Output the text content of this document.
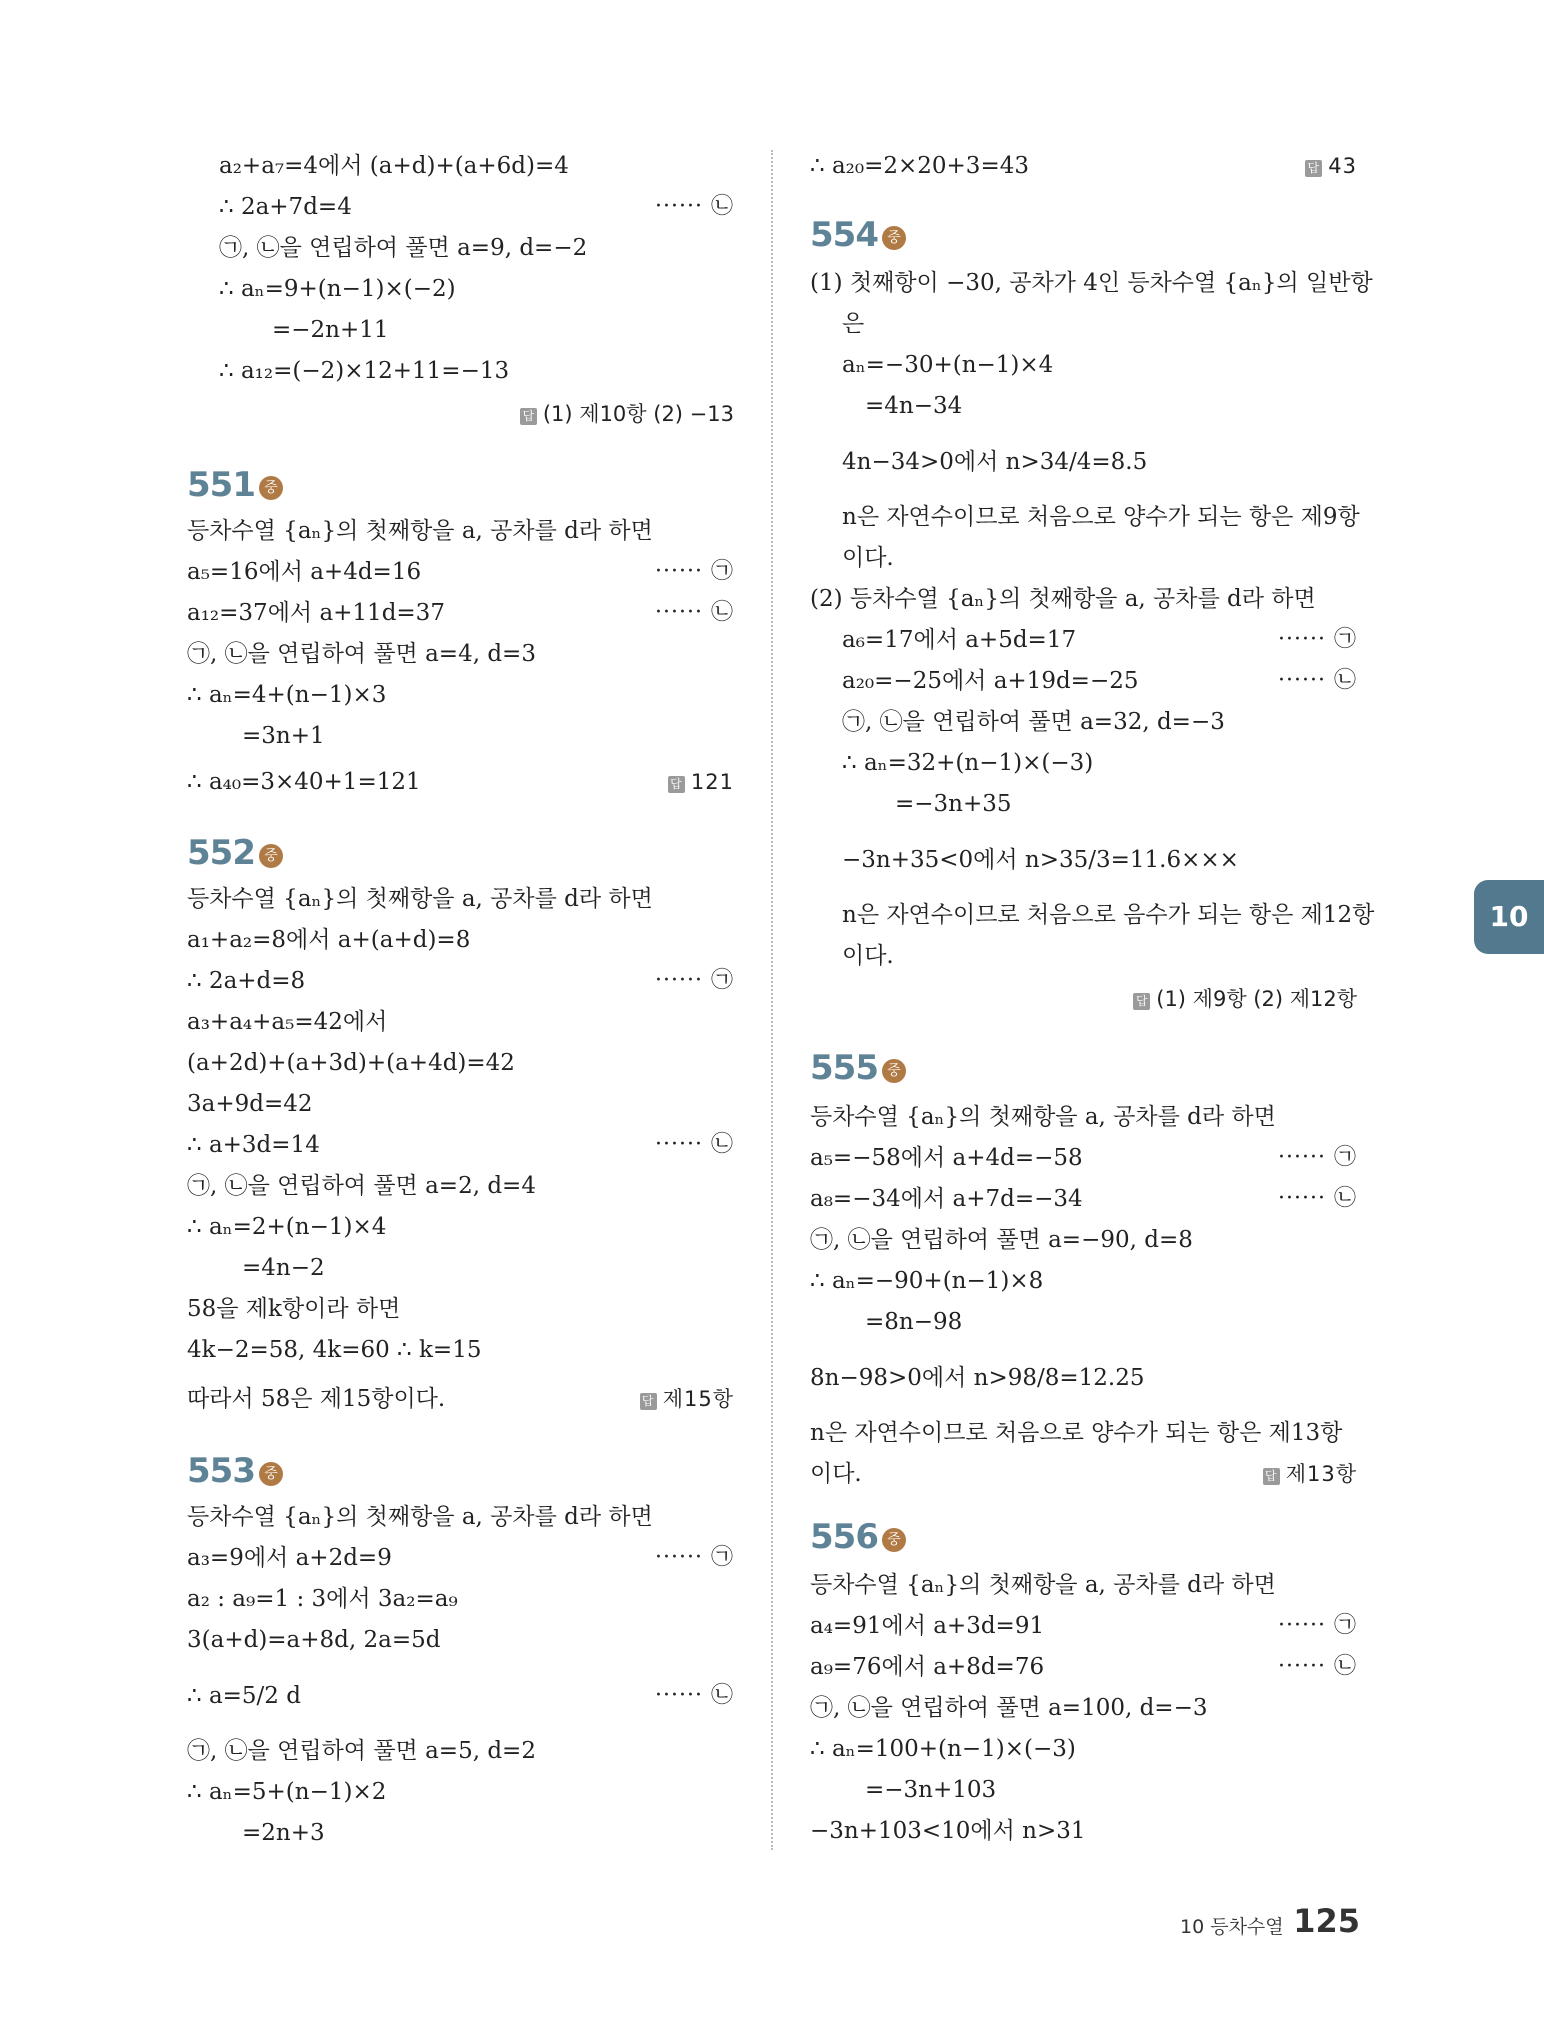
a₂+a₇=4에서 (a+d)+(a+6d)=4
∴ 2a+7d=4	······ ㉡
㉠, ㉡을 연립하여 풀면 a=9, d=−2
∴ aₙ=9+(n−1)×(−2)
=−2n+11
∴ a₁₂=(−2)×12+11=−13
답 (1) 제10항 (2) −13
551 중
등차수열 {aₙ}의 첫째항을 a, 공차를 d라 하면
a₅=16에서 a+4d=16	······ ㉠
a₁₂=37에서 a+11d=37	······ ㉡
㉠, ㉡을 연립하여 풀면 a=4, d=3
∴ aₙ=4+(n−1)×3
=3n+1
∴ a₄₀=3×40+1=121	답 121
552 중
등차수열 {aₙ}의 첫째항을 a, 공차를 d라 하면
a₁+a₂=8에서 a+(a+d)=8
∴ 2a+d=8	······ ㉠
a₃+a₄+a₅=42에서
(a+2d)+(a+3d)+(a+4d)=42
3a+9d=42
∴ a+3d=14	······ ㉡
㉠, ㉡을 연립하여 풀면 a=2, d=4
∴ aₙ=2+(n−1)×4
=4n−2
58을 제k항이라 하면
4k−2=58, 4k=60 ∴ k=15
따라서 58은 제15항이다.	답 제15항
553 중
등차수열 {aₙ}의 첫째항을 a, 공차를 d라 하면
a₃=9에서 a+2d=9	······ ㉠
a₂ : a₉=1 : 3에서 3a₂=a₉
3(a+d)=a+8d, 2a=5d
∴ a=5/2 d	······ ㉡
㉠, ㉡을 연립하여 풀면 a=5, d=2
∴ aₙ=5+(n−1)×2
=2n+3
∴ a₂₀=2×20+3=43	답 43
554 중
(1) 첫째항이 −30, 공차가 4인 등차수열 {aₙ}의 일반항
은
aₙ=−30+(n−1)×4
=4n−34
4n−34>0에서 n>34/4=8.5
n은 자연수이므로 처음으로 양수가 되는 항은 제9항
이다.
(2) 등차수열 {aₙ}의 첫째항을 a, 공차를 d라 하면
a₆=17에서 a+5d=17	······ ㉠
a₂₀=−25에서 a+19d=−25	······ ㉡
㉠, ㉡을 연립하여 풀면 a=32, d=−3
∴ aₙ=32+(n−1)×(−3)
=−3n+35
−3n+35<0에서 n>35/3=11.6×××
n은 자연수이므로 처음으로 음수가 되는 항은 제12항
이다.
답 (1) 제9항 (2) 제12항
555 중
등차수열 {aₙ}의 첫째항을 a, 공차를 d라 하면
a₅=−58에서 a+4d=−58	······ ㉠
a₈=−34에서 a+7d=−34	······ ㉡
㉠, ㉡을 연립하여 풀면 a=−90, d=8
∴ aₙ=−90+(n−1)×8
=8n−98
8n−98>0에서 n>98/8=12.25
n은 자연수이므로 처음으로 양수가 되는 항은 제13항
이다.	답 제13항
556 중
등차수열 {aₙ}의 첫째항을 a, 공차를 d라 하면
a₄=91에서 a+3d=91	······ ㉠
a₉=76에서 a+8d=76	······ ㉡
㉠, ㉡을 연립하여 풀면 a=100, d=−3
∴ aₙ=100+(n−1)×(−3)
=−3n+103
−3n+103<10에서 n>31
10
10 등차수열 125
